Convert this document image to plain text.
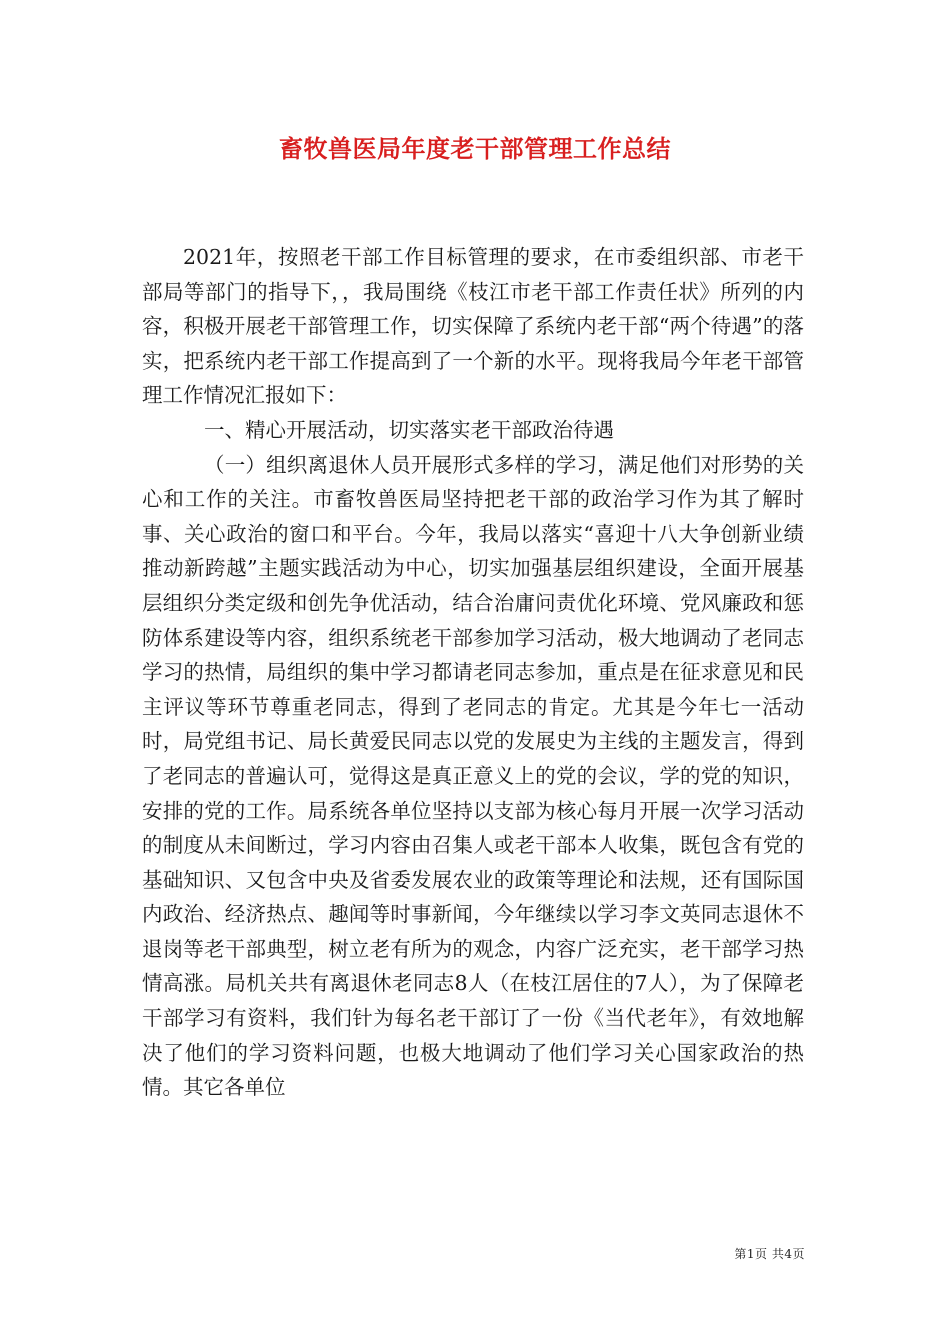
畜牧兽医局年度老干部管理工作总结

2021年，按照老干部工作目标管理的要求，在市委组织部、市老干部局等部门的指导下，，我局围绕《枝江市老干部工作责任状》所列的内容，积极开展老干部管理工作，切实保障了系统内老干部“两个待遇”的落实，把系统内老干部工作提高到了一个新的水平。现将我局今年老干部管理工作情况汇报如下：

一、精心开展活动，切实落实老干部政治待遇

（一）组织离退休人员开展形式多样的学习，满足他们对形势的关心和工作的关注。市畜牧兽医局坚持把老干部的政治学习作为其了解时事、关心政治的窗口和平台。今年，我局以落实“喜迎十八大争创新业绩推动新跨越”主题实践活动为中心，切实加强基层组织建设，全面开展基层组织分类定级和创先争优活动，结合治庸问责优化环境、党风廉政和惩防体系建设等内容，组织系统老干部参加学习活动，极大地调动了老同志学习的热情，局组织的集中学习都请老同志参加，重点是在征求意见和民主评议等环节尊重老同志，得到了老同志的肯定。尤其是今年七一活动时，局党组书记、局长黄爱民同志以党的发展史为主线的主题发言，得到了老同志的普遍认可，觉得这是真正意义上的党的会议，学的党的知识，安排的党的工作。局系统各单位坚持以支部为核心每月开展一次学习活动的制度从未间断过，学习内容由召集人或老干部本人收集，既包含有党的基础知识、又包含中央及省委发展农业的政策等理论和法规，还有国际国内政治、经济热点、趣闻等时事新闻，今年继续以学习李文英同志退休不退岗等老干部典型，树立老有所为的观念，内容广泛充实，老干部学习热情高涨。局机关共有离退休老同志8人（在枝江居住的7人），为了保障老干部学习有资料，我们针为每名老干部订了一份《当代老年》，有效地解决了他们的学习资料问题，也极大地调动了他们学习关心国家政治的热情。其它各单位

第1页 共4页
